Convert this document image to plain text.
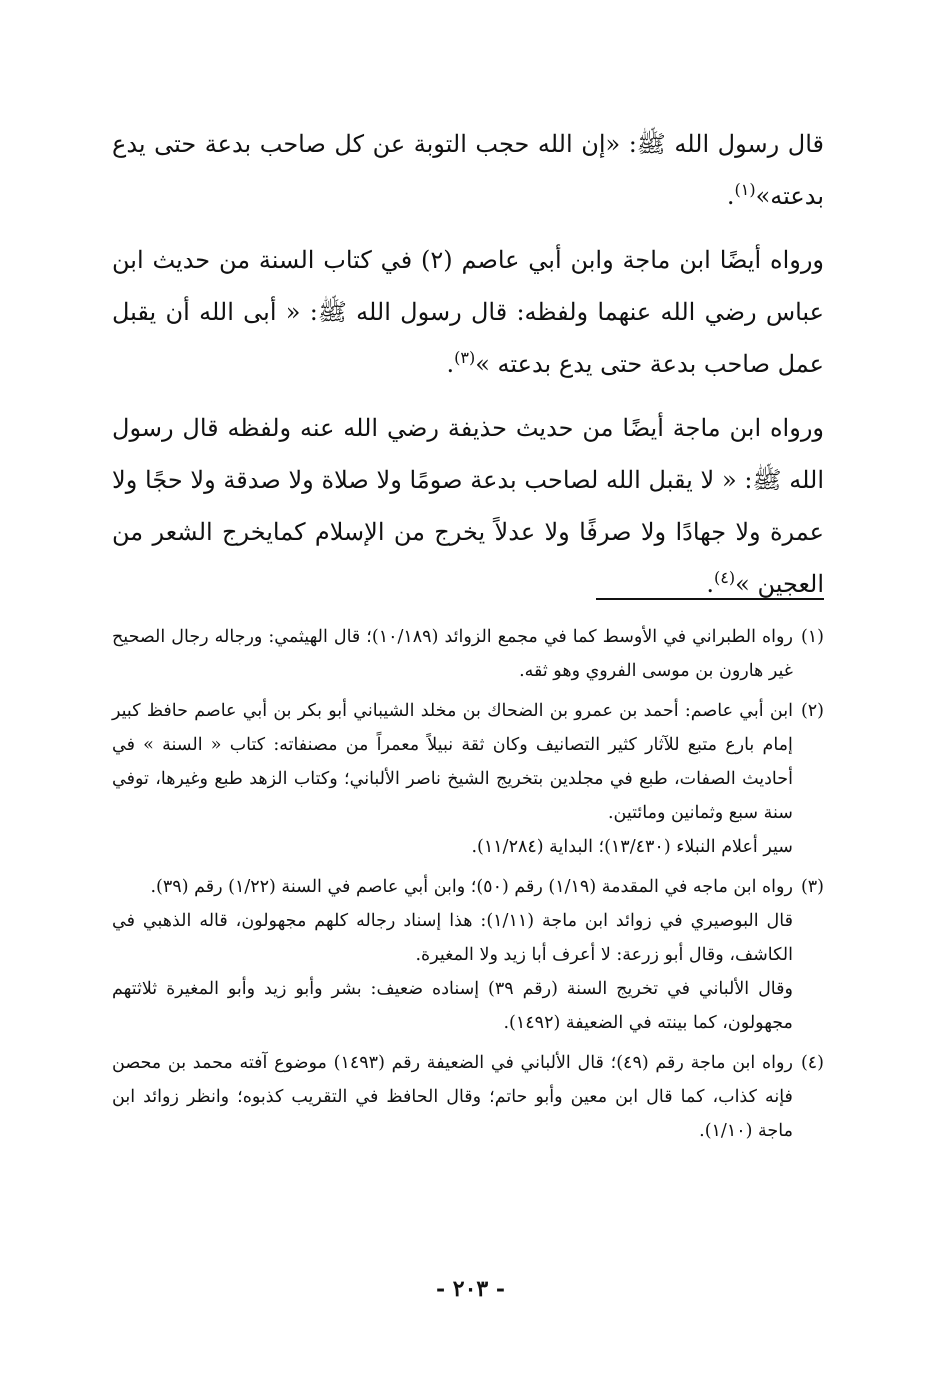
قال رسول الله ﷺ: «إن الله حجب التوبة عن كل صاحب بدعة حتى يدع بدعته»$^{(١)}$.

ورواه أيضًا ابن ماجة وابن أبي عاصم (٢) في كتاب السنة من حديث ابن عباس رضي الله عنهما ولفظه: قال رسول الله ﷺ: « أبى الله أن يقبل عمل صاحب بدعة حتى يدع بدعته »$^{(٣)}$.

ورواه ابن ماجة أيضًا من حديث حذيفة رضي الله عنه ولفظه قال رسول الله ﷺ: « لا يقبل الله لصاحب بدعة صومًا ولا صلاة ولا صدقة ولا حجًا ولا عمرة ولا جهادًا ولا صرفًا ولا عدلاً يخرج من الإسلام كمايخرج الشعر من العجين »$^{(٤)}$.

(١)

رواه الطبراني في الأوسط كما في مجمع الزوائد (١٠/١٨٩)؛ قال الهيثمي: ورجاله رجال الصحيح غير هارون بن موسى الفروي وهو ثقه.

(٢)

ابن أبي عاصم: أحمد بن عمرو بن الضحاك بن مخلد الشيباني أبو بكر بن أبي عاصم حافظ كبير إمام بارع متبع للآثار كثير التصانيف وكان ثقة نبيلاً معمراً من مصنفاته: كتاب « السنة » في أحاديث الصفات، طبع في مجلدين بتخريج الشيخ ناصر الألباني؛ وكتاب الزهد طبع وغيرها، توفي سنة سبع وثمانين ومائتين.

سير أعلام النبلاء (١٣/٤٣٠)؛ البداية (١١/٢٨٤).

(٣)

رواه ابن ماجه في المقدمة (١/١٩) رقم (٥٠)؛ وابن أبي عاصم في السنة (١/٢٢) رقم (٣٩).

قال البوصيري في زوائد ابن ماجة (١/١١): هذا إسناد رجاله كلهم مجهولون، قاله الذهبي في الكاشف، وقال أبو زرعة: لا أعرف أبا زيد ولا المغيرة.

وقال الألباني في تخريج السنة (رقم ٣٩) إسناده ضعيف: بشر وأبو زيد وأبو المغيرة ثلاثتهم مجهولون، كما بينته في الضعيفة (١٤٩٢).

(٤)

رواه ابن ماجة رقم (٤٩)؛ قال الألباني في الضعيفة رقم (١٤٩٣) موضوع آفته محمد بن محصن فإنه كذاب، كما قال ابن معين وأبو حاتم؛ وقال الحافظ في التقريب كذبوه؛ وانظر زوائد ابن ماجة (١/١٠).

- ٢٠٣ -
